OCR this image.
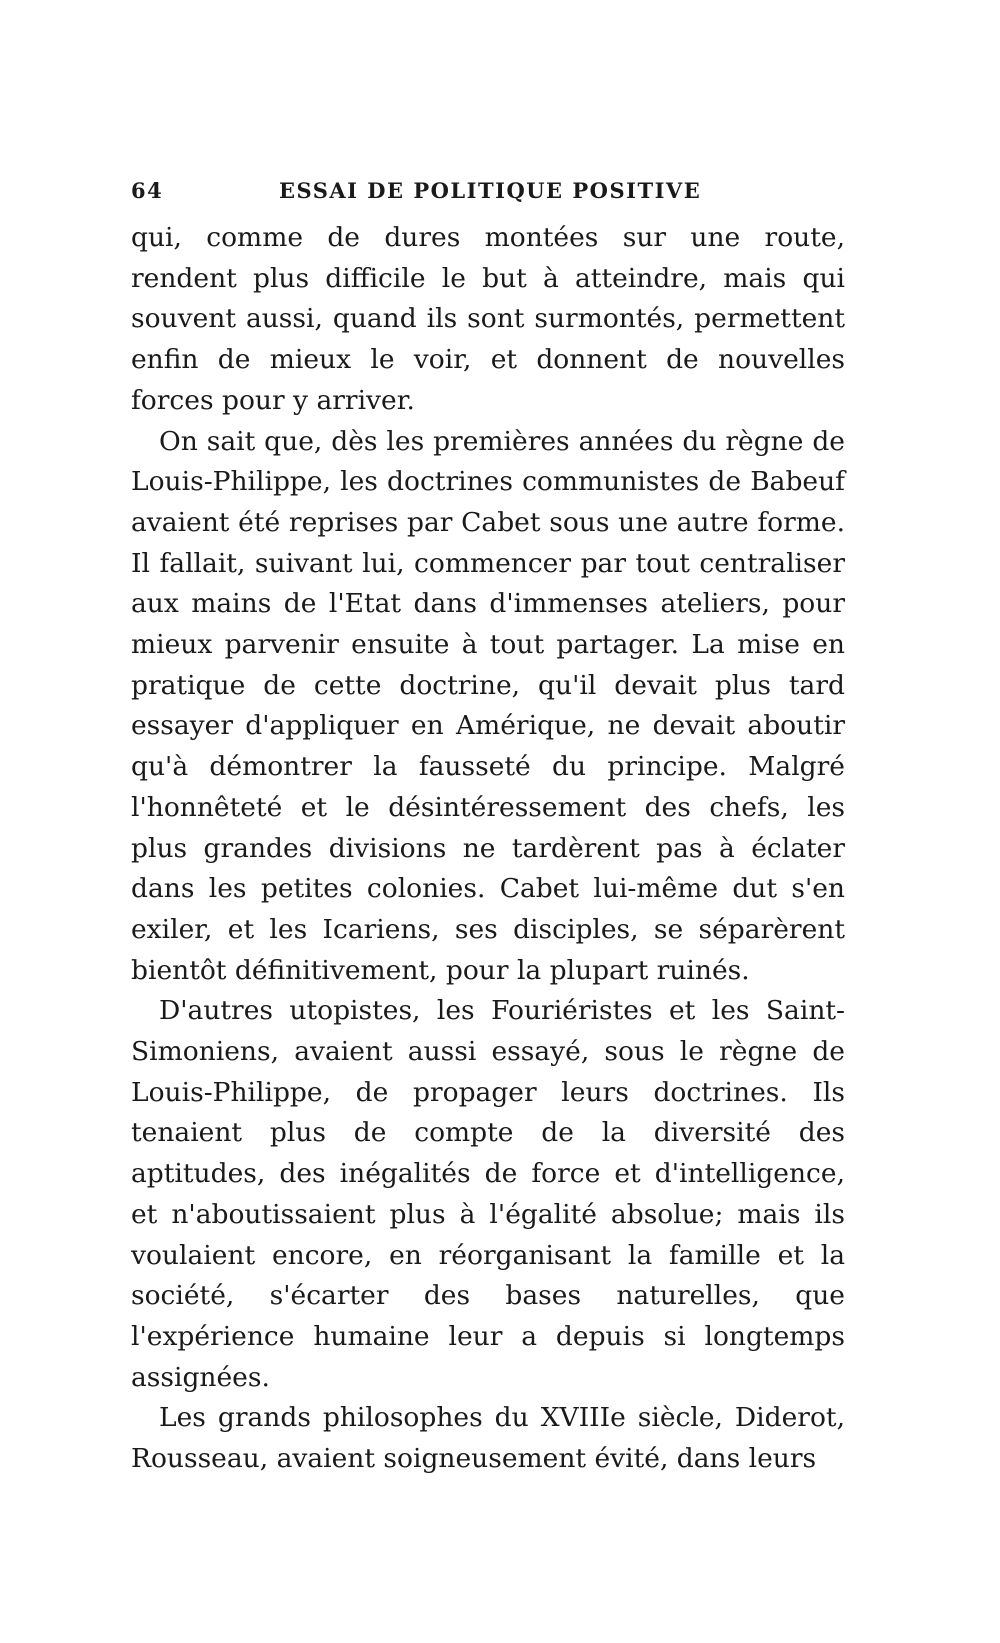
64	ESSAI DE POLITIQUE POSITIVE

qui, comme de dures montées sur une route, rendent plus difficile le but à atteindre, mais qui souvent aussi, quand ils sont surmontés, permettent enfin de mieux le voir, et donnent de nouvelles forces pour y arriver.

On sait que, dès les premières années du règne de Louis-Philippe, les doctrines communistes de Babeuf avaient été reprises par Cabet sous une autre forme. Il fallait, suivant lui, commencer par tout centraliser aux mains de l'Etat dans d'immenses ateliers, pour mieux parvenir ensuite à tout partager. La mise en pratique de cette doctrine, qu'il devait plus tard essayer d'appliquer en Amérique, ne devait aboutir qu'à démontrer la fausseté du principe. Malgré l'honnêteté et le désintéressement des chefs, les plus grandes divisions ne tardèrent pas à éclater dans les petites colonies. Cabet lui-même dut s'en exiler, et les Icariens, ses disciples, se séparèrent bientôt définitivement, pour la plupart ruinés.

D'autres utopistes, les Fouriéristes et les Saint-Simoniens, avaient aussi essayé, sous le règne de Louis-Philippe, de propager leurs doctrines. Ils tenaient plus de compte de la diversité des aptitudes, des inégalités de force et d'intelligence, et n'aboutissaient plus à l'égalité absolue; mais ils voulaient encore, en réorganisant la famille et la société, s'écarter des bases naturelles, que l'expérience humaine leur a depuis si longtemps assignées.

Les grands philosophes du XVIIIe siècle, Diderot, Rousseau, avaient soigneusement évité, dans leurs
